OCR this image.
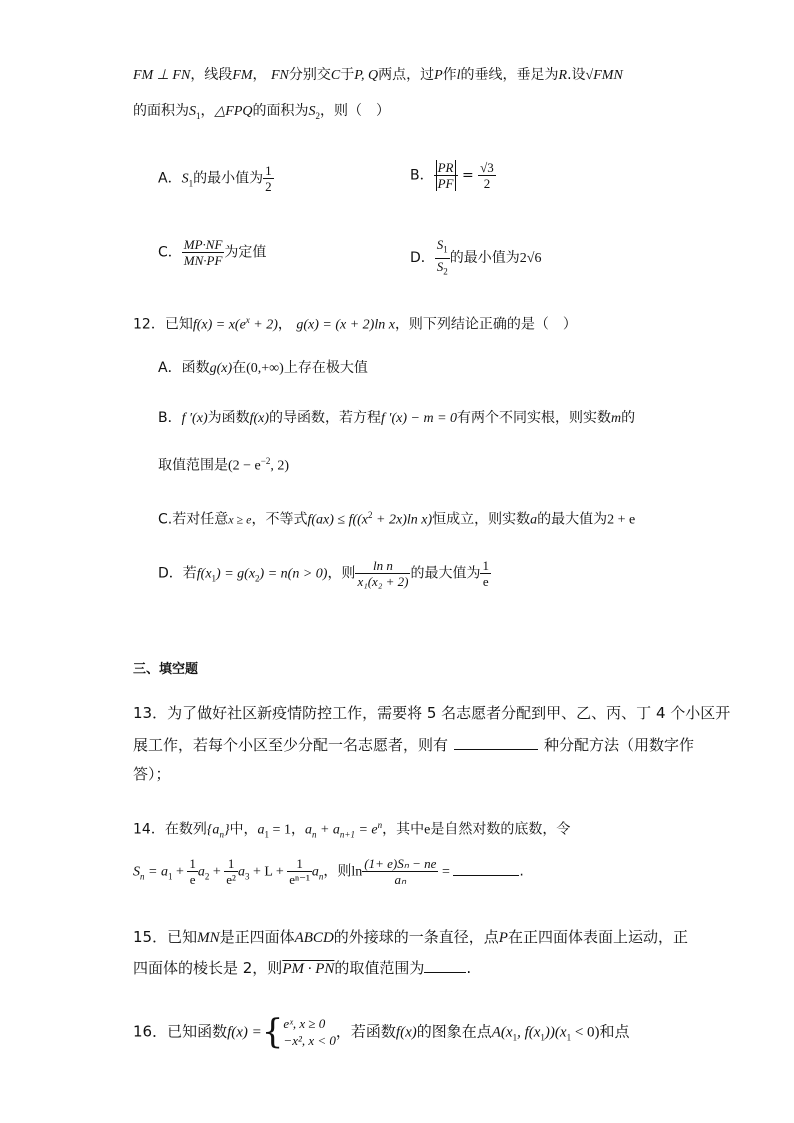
FM ⊥ FN，线段FM， FN分别交C于P, Q两点，过P作l的垂线，垂足为R.设√FMN
的面积为$S_1$，△FPQ的面积为$S_2$，则（　）
A．$S_1$的最小值为 $\frac{1}{2}$	B． $\frac{PR}{PF} = \frac{√3}{2}$
C． $\frac{MP\cdot NF}{MN\cdot PF}$ 为定值	D． $\frac{S_1}{S_2}$ 的最小值为2√6
12．已知$f(x) = x(e^x + 2)$， g(x) = (x + 2)ln x，则下列结论正确的是（　）
A．函数g(x)在(0,+∞)上存在极大值
B．f ′(x)为函数f(x)的导函数，若方程f ′(x) − m = 0有两个不同实根，则实数m的
取值范围是($2 - e^{-2}$, 2)
C.若对任意x ≥ e，不等式$f(ax) \le f((x^2 + 2x)\ln$ x)恒成立，则实数a的最大值为2 + e
D．若$f(x_1) = g(x_2) = n(n > 0)$，则 $\frac{\text{ln n}}{\text{x₁(x₂ + 2)}}$ 的最大值为 $\frac{1}{e}$
三、填空题
13．为了做好社区新疫情防控工作，需要将 5 名志愿者分配到甲、乙、丙、丁 4 个小区开
展工作，若每个小区至少分配一名志愿者，则有	种分配方法（用数字作
答）；
14．在数列$\{a_n\}$中，$a_1 = 1$，$a_n + a_{n+1} = e^n$，其中e是自然对数的底数，令
$S_n = a_1 + \frac{1}{e} a_2 + \frac{1}{\text{e²}} a_3 + L + \frac{1}{\text{eⁿ⁻¹}} a_n$，则$\ln \frac{\text{(1+ e)Sₙ − ne}}{\text{aₙ}}$ =	.
15．已知MN是正四面体ABCD的外接球的一条直径，点P在正四面体表面上运动，正
四面体的棱长是 2，则PM · PN的取值范围为	.
16．已知函数f(x) ={ eˣ, x ≥ 0
−x², x < 0 ，若函数f(x)的图象在点$A(x_1$, $f(x_1))(x_1 < 0)$和点
